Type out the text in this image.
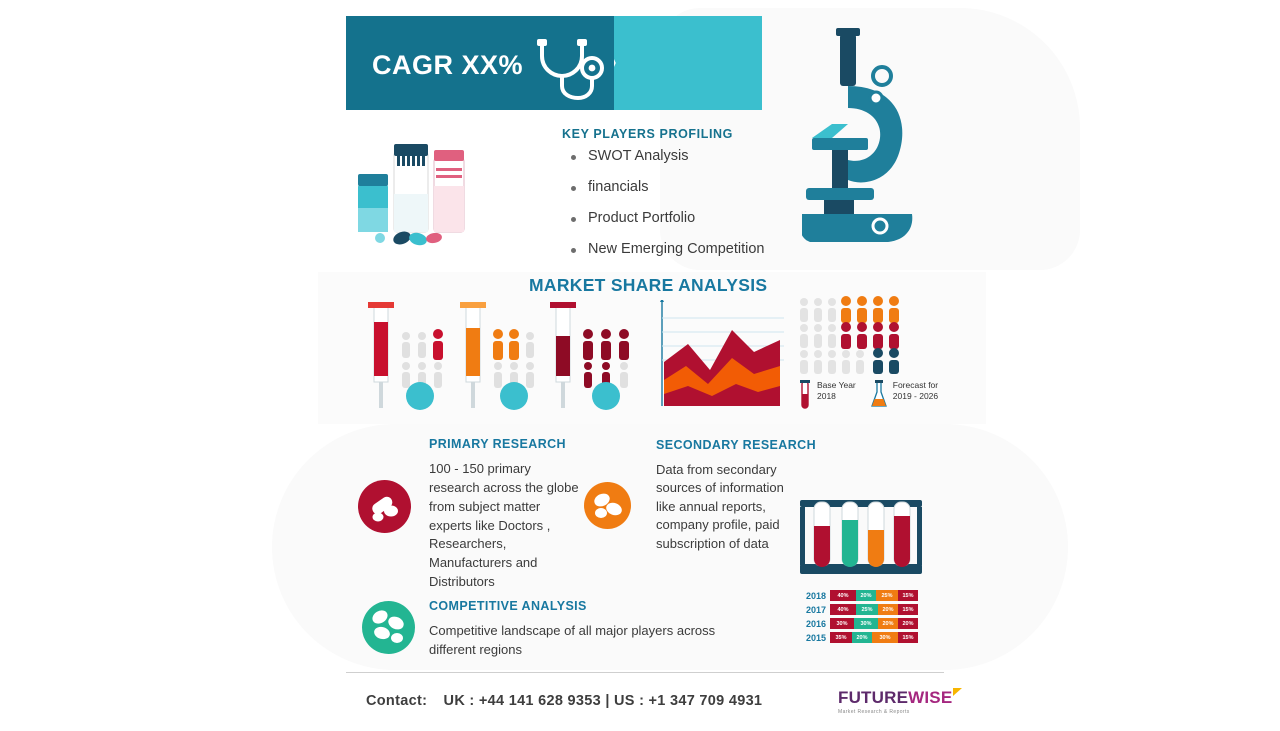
CAGR XX%
KEY PLAYERS PROFILING
SWOT Analysis
financials
Product Portfolio
New Emerging Competition
MARKET SHARE ANALYSIS
Base Year
2018
Forecast for
2019 - 2026
PRIMARY RESEARCH
100 - 150 primary research across the globe from subject matter experts like Doctors , Researchers, Manufacturers and Distributors
SECONDARY RESEARCH
Data from secondary sources of information like annual reports, company profile, paid subscription of data
COMPETITIVE ANALYSIS
Competitive landscape of all major players across different regions
2018	40%	20%	25%	15%
2017	40%	25%	20%	15%
2016	30%	30%	20%	20%
2015	35%	20%	30%	15%
Contact: UK : +44 141 628 9353 | US : +1 347 709 4931	FUTUREWISE
Market Research & Reports
